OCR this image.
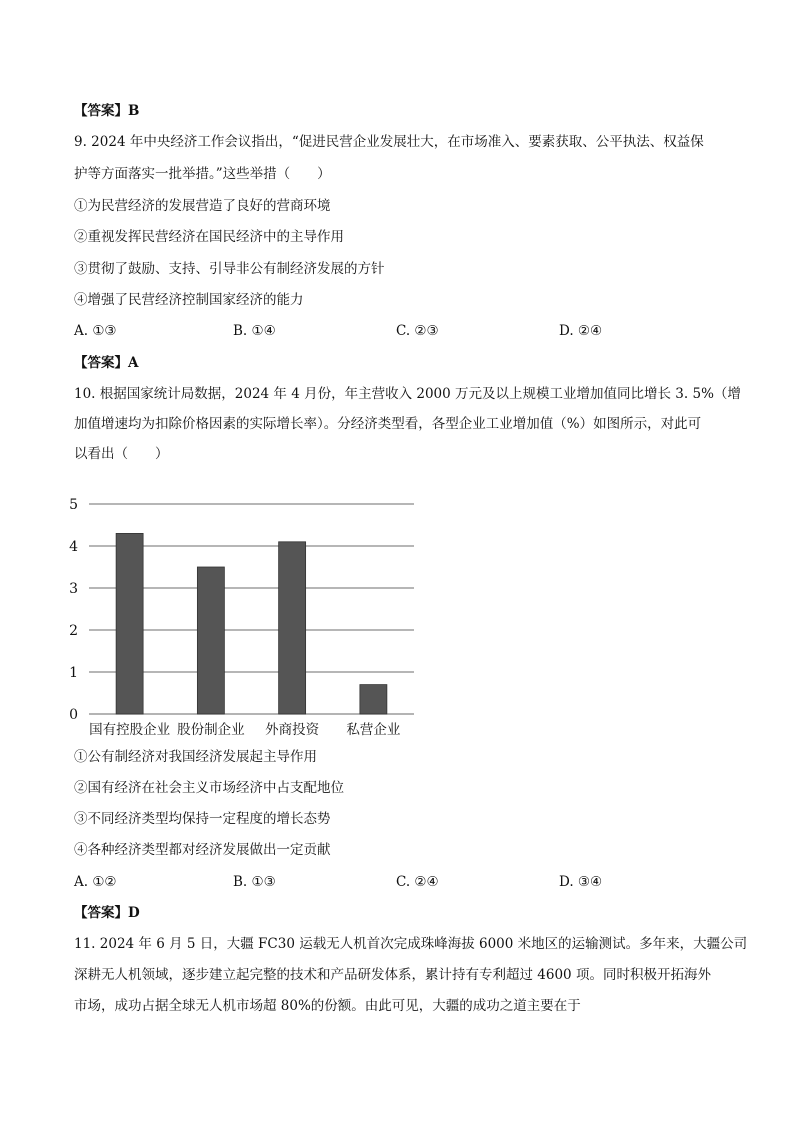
【答案】B
9. 2024 年中央经济工作会议指出，“促进民营企业发展壮大，在市场准入、要素获取、公平执法、权益保
护等方面落实一批举措。”这些举措（　　）
①为民营经济的发展营造了良好的营商环境
②重视发挥民营经济在国民经济中的主导作用
③贯彻了鼓励、支持、引导非公有制经济发展的方针
④增强了民营经济控制国家经济的能力
A. ①③	B. ①④	C. ②③	D. ②④
【答案】A
10. 根据国家统计局数据，2024 年 4 月份，年主营收入 2000 万元及以上规模工业增加值同比增长 3. 5%（增
加值增速均为扣除价格因素的实际增长率）。分经济类型看，各型企业工业增加值（%）如图所示，对此可
以看出（　　）
0
1
2
3
4
5
国有控股企业 股份制企业 外商投资 私营企业
①公有制经济对我国经济发展起主导作用
②国有经济在社会主义市场经济中占支配地位
③不同经济类型均保持一定程度的增长态势
④各种经济类型都对经济发展做出一定贡献
A. ①②	B. ①③	C. ②④	D. ③④
【答案】D
11. 2024 年 6 月 5 日，大疆 FC30 运载无人机首次完成珠峰海拔 6000 米地区的运输测试。多年来，大疆公司
深耕无人机领域，逐步建立起完整的技术和产品研发体系，累计持有专利超过 4600 项。同时积极开拓海外
市场，成功占据全球无人机市场超 80%的份额。由此可见，大疆的成功之道主要在于
